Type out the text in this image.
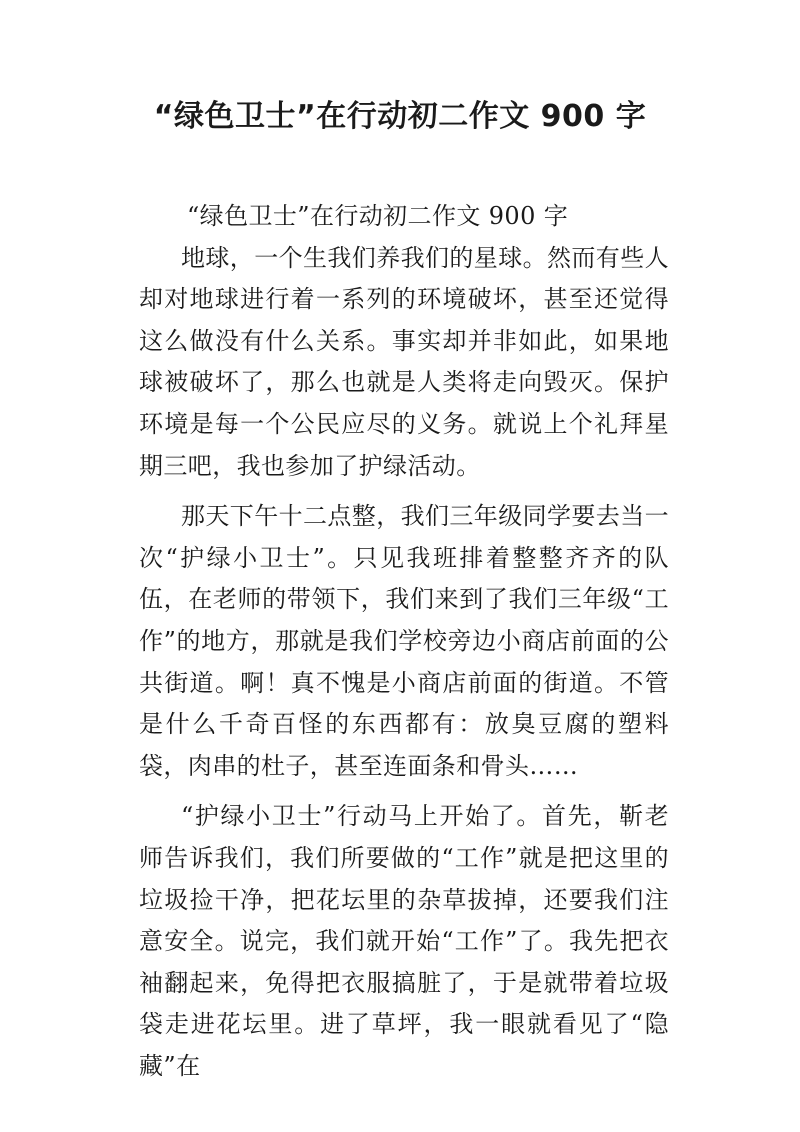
“绿色卫士”在行动初二作文 900 字

“绿色卫士”在行动初二作文 900 字

地球，一个生我们养我们的星球。然而有些人却对地球进行着一系列的环境破坏，甚至还觉得这么做没有什么关系。事实却并非如此，如果地球被破坏了，那么也就是人类将走向毁灭。保护环境是每一个公民应尽的义务。就说上个礼拜星期三吧，我也参加了护绿活动。

那天下午十二点整，我们三年级同学要去当一次“护绿小卫士”。只见我班排着整整齐齐的队伍，在老师的带领下，我们来到了我们三年级“工作”的地方，那就是我们学校旁边小商店前面的公共街道。啊！真不愧是小商店前面的街道。不管是什么千奇百怪的东西都有：放臭豆腐的塑料袋，肉串的杜子，甚至连面条和骨头……

“护绿小卫士”行动马上开始了。首先，靳老师告诉我们，我们所要做的“工作”就是把这里的垃圾捡干净，把花坛里的杂草拔掉，还要我们注意安全。说完，我们就开始“工作”了。我先把衣袖翻起来，免得把衣服搞脏了，于是就带着垃圾袋走进花坛里。进了草坪，我一眼就看见了“隐藏”在
